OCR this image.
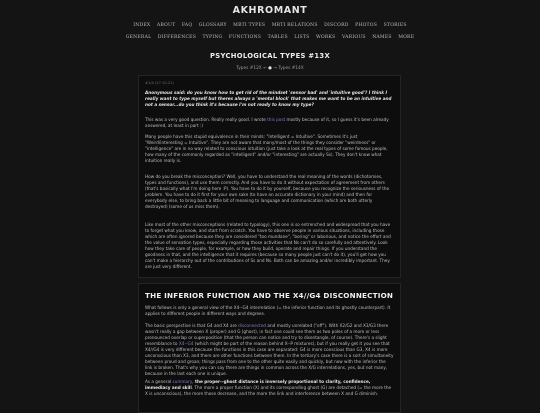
AKHROMANT
INDEX ABOUT FAQ GLOSSARY MBTI TYPES MBTI RELATIONS DISCORD PHOTOS STORIES
GENERAL DIFFERENCES TYPING FUNCTIONS TABLES LISTS WORKS VARIOUS NAMES MORE
PSYCHOLOGICAL TYPES #13X
Types #12X ← ● → Types #14X
#1/4 (27.10.21)
Anonymous said: do you know how to get rid of the mindset 'sensor bad' and 'intuitive good'? I think I really want to type myself but theres always a 'mental block' that makes me want to be an intuitive and not a sensor...do you think it's because I'm not ready to know my type?
This was a very good question. Really really good. I wrote this post mostly because of it, so I guess it's been already answered, at least in part :)
Many people have this stupid equivalence in their minds: "Intelligent = Intuitive". Sometimes it's just "Weird/interesting = Intuitive". They are not aware that many/most of the things they consider "weirdness" or "intelligence" are in no way related to conscious intuition (just take a look at the real types of some famous people, how many of the commonly regarded as "intelligent" and/or "interesting" are actually Ss). They don't know what intuition really is.
How do you break the misconception? Well, you have to understand the real meaning of the words (dichotomies, types and functions), and use them correctly. And you have to do it without expectation of agreement from others (that's basically what I'm doing here :P). You have to do it by yourself, because you recognize the seriousness of the problem. You have to do it first for your own sake (to have an accurate dictionary in your mind) and then for everybody else, to bring back a little bit of meaning to language and communication (which are both utterly destroyed) (some of us miss them).
Like most of the other misconceptions (related to typology), this one is so entrenched and widespread that you have to forget what you know, and start from scratch. You have to observe people in various situations, including those which are often ignored because they are considered "too mundane", "boring" or laborious, and notice the effort and the value of sensation types, especially regarding those activities that Ns can't do so carefully and attentively. Look how they take care of people, for example, or how they build, operate and repair things. If you understand the goodness in that, and the intelligence that it requires (because so many people just can't do it), you'll get how you can't make a hierarchy out of the contributions of Ss and Ns. Both can be amazing and/or incredibly important. They are just very different.
THE INFERIOR FUNCTION AND THE X4//G4 DISCONNECTION
What follows is only a general view of the X4--G4 interrelation (= the inferior function and its ghostly counterpart). It applies to different people in different ways and degrees.
The basic perspective is that G4 and X4 are disconnected and mostly unrelated ("off"). With X2/G2 and X3/G3 there wasn't really a gap between X (proper) and G (ghost), in fact one could see them as two poles of a more or less pronounced overlap or superposition (that the person can notice and try to disentangle, of course). There's a slight resemblance to X4--G4 (which might be part of the reason behind X--P mixtures), but if you really get it you see that X4//G4 is very different because the functions in this case are separated: G4 is more conscious than G3, X4 is more unconscious than X3, and there are other functions between them. In the tertiary's case there is a sort of simultaneity between proud and groan; things pass from one to the other quite easily and quickly, but now with the inferior the link is broken. That's why you can say there are things in common across the X/G interrelations, yes, but not many, because in the last each one is unique.
As a general summary, the proper--ghost distance is inversely proportional to clarity, confidence, immediacy and skill. The more a proper function (X) and its corresponding ghost (G) are detached (= the more the X is unconscious), the more those decrease, and the more the link and interference between X and G diminish.
